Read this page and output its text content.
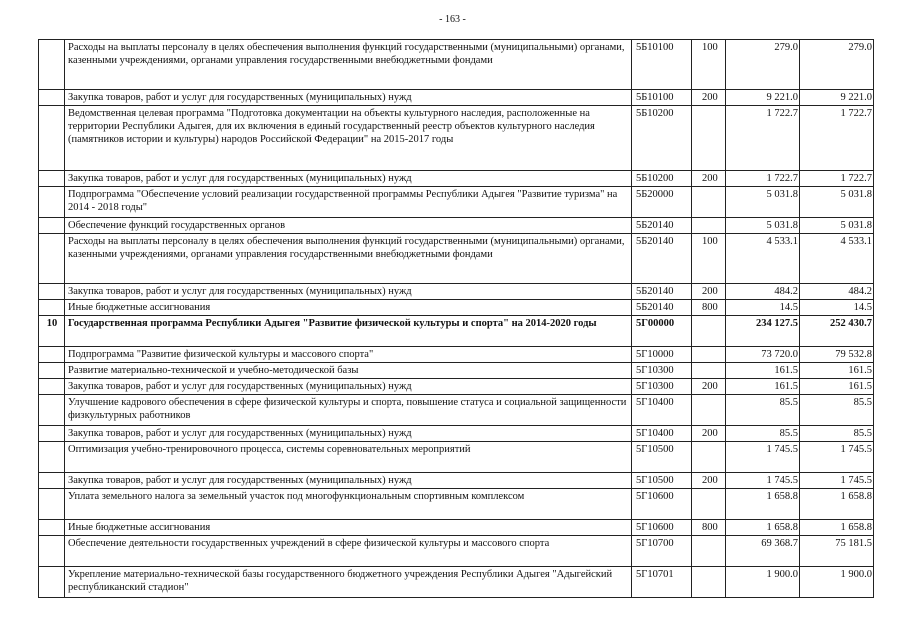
- 163 -
	Расходы на выплаты персоналу в целях обеспечения выполнения функций государственными (муниципальными) органами, казенными учреждениями, органами управления государственными внебюджетными фондами	5Б10100	100	279.0	279.0
	Закупка товаров, работ и услуг для государственных (муниципальных) нужд	5Б10100	200	9 221.0	9 221.0
	Ведомственная целевая программа "Подготовка документации на объекты культурного наследия, расположенные на территории Республики Адыгея, для их включения в единый государственный реестр объектов культурного наследия (памятников истории и культуры) народов Российской Федерации" на 2015-2017 годы	5Б10200		1 722.7	1 722.7
	Закупка товаров, работ и услуг для государственных (муниципальных) нужд	5Б10200	200	1 722.7	1 722.7
	Подпрограмма "Обеспечение условий реализации государственной программы Республики Адыгея "Развитие туризма" на 2014 - 2018 годы"	5Б20000		5 031.8	5 031.8
	Обеспечение функций государственных органов	5Б20140		5 031.8	5 031.8
	Расходы на выплаты персоналу в целях обеспечения выполнения функций государственными (муниципальными) органами, казенными учреждениями, органами управления государственными внебюджетными фондами	5Б20140	100	4 533.1	4 533.1
	Закупка товаров, работ и услуг для государственных (муниципальных) нужд	5Б20140	200	484.2	484.2
	Иные бюджетные ассигнования	5Б20140	800	14.5	14.5
10	Государственная программа Республики Адыгея "Развитие физической культуры и спорта" на 2014-2020 годы	5Г00000		234 127.5	252 430.7
	Подпрограмма "Развитие физической культуры и массового спорта"	5Г10000		73 720.0	79 532.8
	Развитие материально-технической и учебно-методической базы	5Г10300		161.5	161.5
	Закупка товаров, работ и услуг для государственных (муниципальных) нужд	5Г10300	200	161.5	161.5
	Улучшение кадрового обеспечения в сфере физической культуры и спорта, повышение статуса и социальной защищенности физкультурных работников	5Г10400		85.5	85.5
	Закупка товаров, работ и услуг для государственных (муниципальных) нужд	5Г10400	200	85.5	85.5
	Оптимизация учебно-тренировочного процесса, системы соревновательных мероприятий	5Г10500		1 745.5	1 745.5
	Закупка товаров, работ и услуг для государственных (муниципальных) нужд	5Г10500	200	1 745.5	1 745.5
	Уплата земельного налога за земельный участок под многофункциональным спортивным комплексом	5Г10600		1 658.8	1 658.8
	Иные бюджетные ассигнования	5Г10600	800	1 658.8	1 658.8
	Обеспечение деятельности государственных учреждений в сфере физической культуры и массового спорта	5Г10700		69 368.7	75 181.5
	Укрепление материально-технической базы государственного бюджетного учреждения Республики Адыгея "Адыгейский республиканский стадион"	5Г10701		1 900.0	1 900.0
